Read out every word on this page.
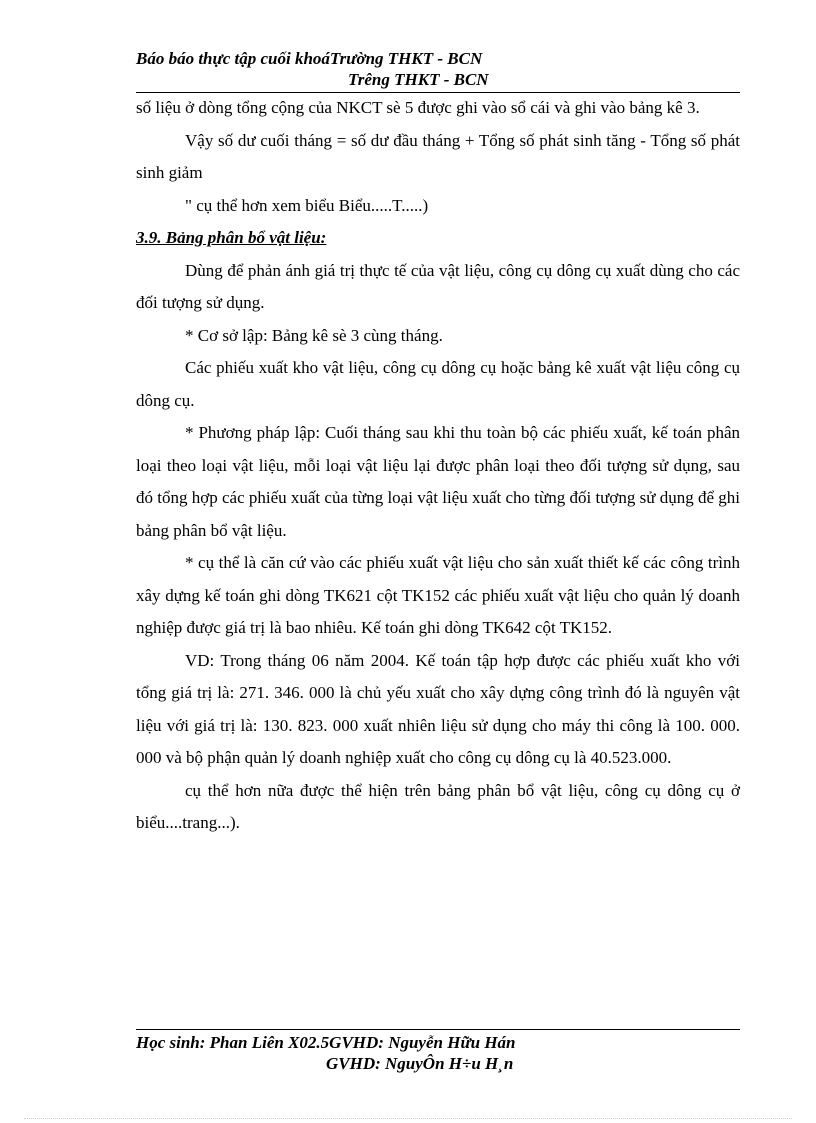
Báo báo thực tập cuối khoáTrường THKT - BCN
Trêng THKT - BCN

số liệu ở dòng tổng cộng của NKCT sè 5 được ghi vào sổ cái và ghi vào bảng kê 3.

Vậy số dư cuối tháng = số dư đầu tháng + Tổng số phát sinh tăng - Tổng số phát sinh giảm

" cụ thể hơn xem biểu Biểu.....T.....)

3.9. Bảng phân bổ vật liệu:

Dùng để phản ánh giá trị thực tế của vật liệu, công cụ dông cụ xuất dùng cho các đối tượng sử dụng.

* Cơ sở lập: Bảng kê sè 3 cùng tháng.

Các phiếu xuất kho vật liệu, công cụ dông cụ hoặc bảng kê xuất vật liệu công cụ dông cụ.

* Phương pháp lập: Cuối tháng sau khi thu toàn bộ các phiếu xuất, kế toán phân loại theo loại vật liệu, mỗi loại vật liệu lại được phân loại theo đối tượng sử dụng, sau đó tổng hợp các phiếu xuất của từng loại vật liệu xuất cho từng đối tượng sử dụng để ghi bảng phân bổ vật liệu.

* cụ thể là căn cứ vào các phiếu xuất vật liệu cho sản xuất thiết kế các công trình xây dựng kế toán ghi dòng TK621 cột TK152 các phiếu xuất vật liệu cho quản lý doanh nghiệp được giá trị là bao nhiêu. Kế toán ghi dòng TK642 cột TK152.

VD: Trong tháng 06 năm 2004. Kế toán tập hợp được các phiếu xuất kho với tổng giá trị là: 271. 346. 000 là chủ yếu xuất cho xây dựng công trình đó là nguyên vật liệu với giá trị là: 130. 823. 000 xuất nhiên liệu sử dụng cho máy thi công là 100. 000. 000 và bộ phận quản lý doanh nghiệp xuất cho công cụ dông cụ là 40.523.000.

cụ thể hơn nữa được thể hiện trên bảng phân bổ vật liệu, công cụ dông cụ ở biểu....trang...).

Học sinh: Phan Liên X02.5GVHD: Nguyễn Hữu Hán
GVHD: NguyÔn H÷u H¸n
